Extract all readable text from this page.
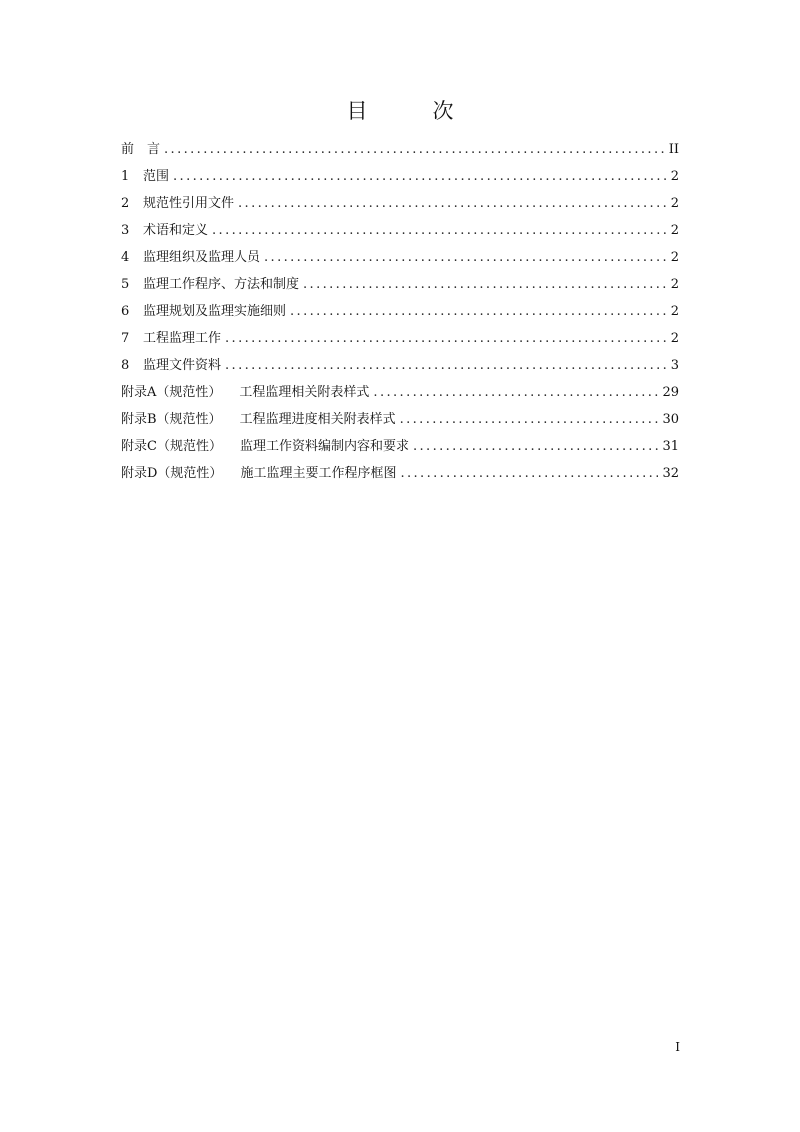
目　次
前　言 .....	II
1 范围 .....	2
2 规范性引用文件 .....	2
3 术语和定义 .....	2
4 监理组织及监理人员 .....	2
5 监理工作程序、方法和制度 .....	2
6 监理规划及监理实施细则 .....	2
7 工程监理工作 .....	2
8 监理文件资料 .....	3
附录A（规范性） 工程监理相关附表样式 .....	29
附录B（规范性） 工程监理进度相关附表样式 .....	30
附录C（规范性） 监理工作资料编制内容和要求 .....	31
附录D（规范性） 施工监理主要工作程序框图 .....	32
I
